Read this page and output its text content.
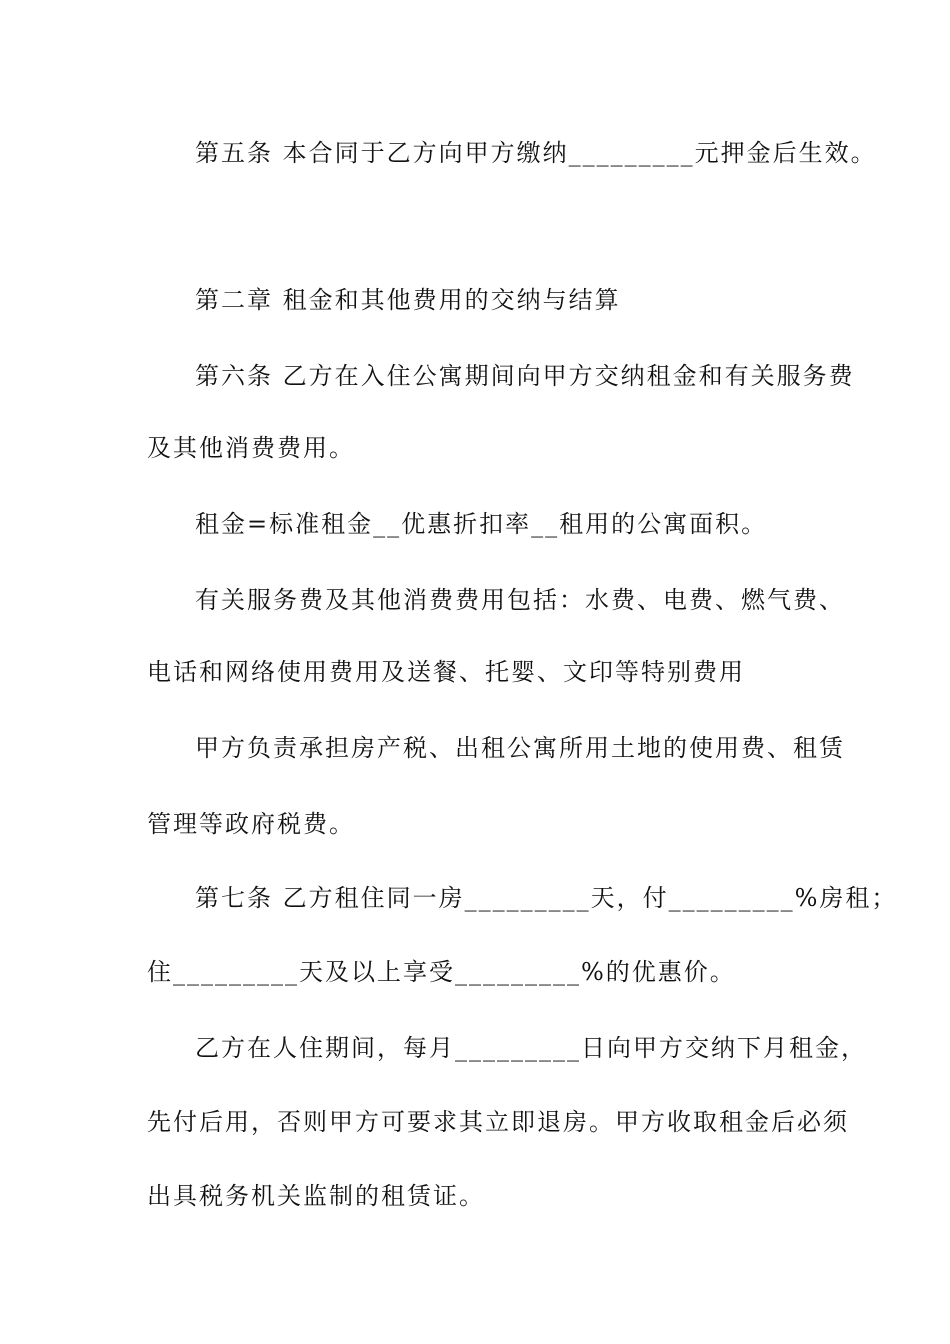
第五条 本合同于乙方向甲方缴纳_________元押金后生效。
第二章 租金和其他费用的交纳与结算
第六条 乙方在入住公寓期间向甲方交纳租金和有关服务费
及其他消费费用。
租金=标准租金__优惠折扣率__租用的公寓面积。
有关服务费及其他消费费用包括：水费、电费、燃气费、
电话和网络使用费用及送餐、托婴、文印等特别费用
甲方负责承担房产税、出租公寓所用土地的使用费、租赁
管理等政府税费。
第七条 乙方租住同一房_________天，付_________%房租；
住_________天及以上享受_________%的优惠价。
乙方在人住期间，每月_________日向甲方交纳下月租金，
先付后用，否则甲方可要求其立即退房。甲方收取租金后必须
出具税务机关监制的租赁证。
